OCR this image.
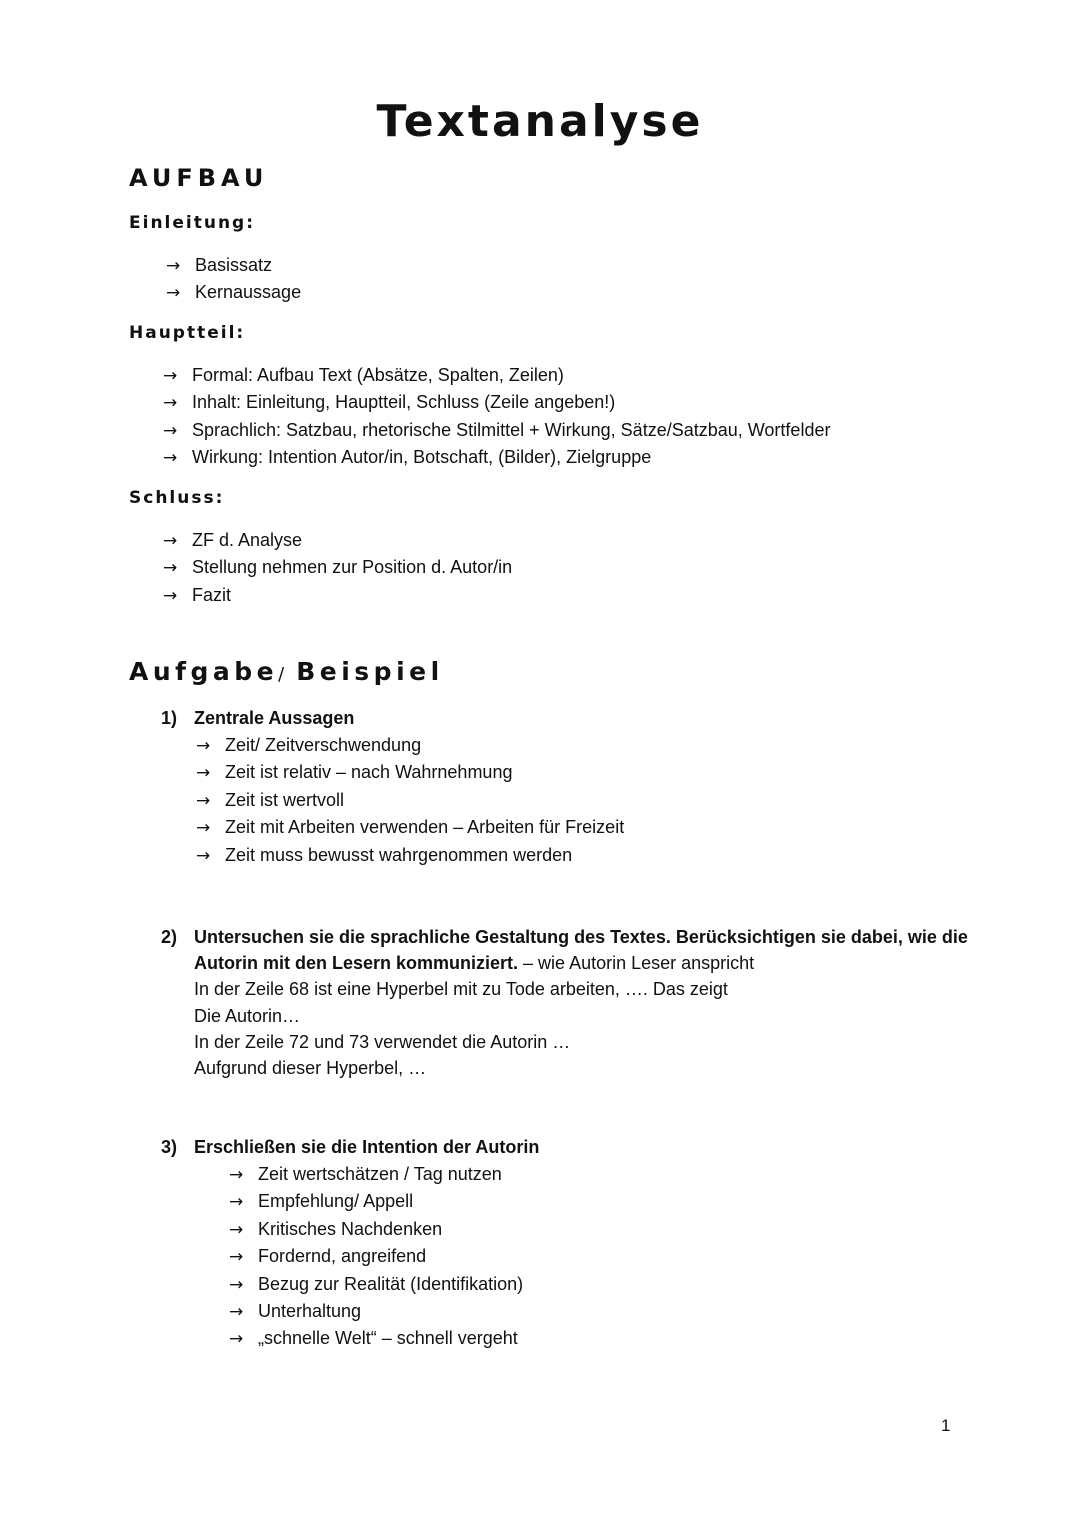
Textanalyse
AUFBAU
Einleitung:
→ Basissatz
→ Kernaussage
Hauptteil:
→ Formal: Aufbau Text (Absätze, Spalten, Zeilen)
→ Inhalt: Einleitung, Hauptteil, Schluss (Zeile angeben!)
→ Sprachlich: Satzbau, rhetorische Stilmittel + Wirkung, Sätze/Satzbau, Wortfelder
→ Wirkung: Intention Autor/in, Botschaft, (Bilder), Zielgruppe
Schluss:
→ ZF d. Analyse
→ Stellung nehmen zur Position d. Autor/in
→ Fazit
Aufgabe/ Beispiel
1) Zentrale Aussagen
→ Zeit/ Zeitverschwendung
→ Zeit ist relativ – nach Wahrnehmung
→ Zeit ist wertvoll
→ Zeit mit Arbeiten verwenden – Arbeiten für Freizeit
→ Zeit muss bewusst wahrgenommen werden
2) Untersuchen sie die sprachliche Gestaltung des Textes. Berücksichtigen sie dabei, wie die
Autorin mit den Lesern kommuniziert. – wie Autorin Leser anspricht
In der Zeile 68 ist eine Hyperbel mit zu Tode arbeiten, …. Das zeigt
Die Autorin…
In der Zeile 72 und 73 verwendet die Autorin …
Aufgrund dieser Hyperbel, …
3) Erschließen sie die Intention der Autorin
→ Zeit wertschätzen / Tag nutzen
→ Empfehlung/ Appell
→ Kritisches Nachdenken
→ Fordernd, angreifend
→ Bezug zur Realität (Identifikation)
→ Unterhaltung
→ „schnelle Welt“ – schnell vergeht
1
